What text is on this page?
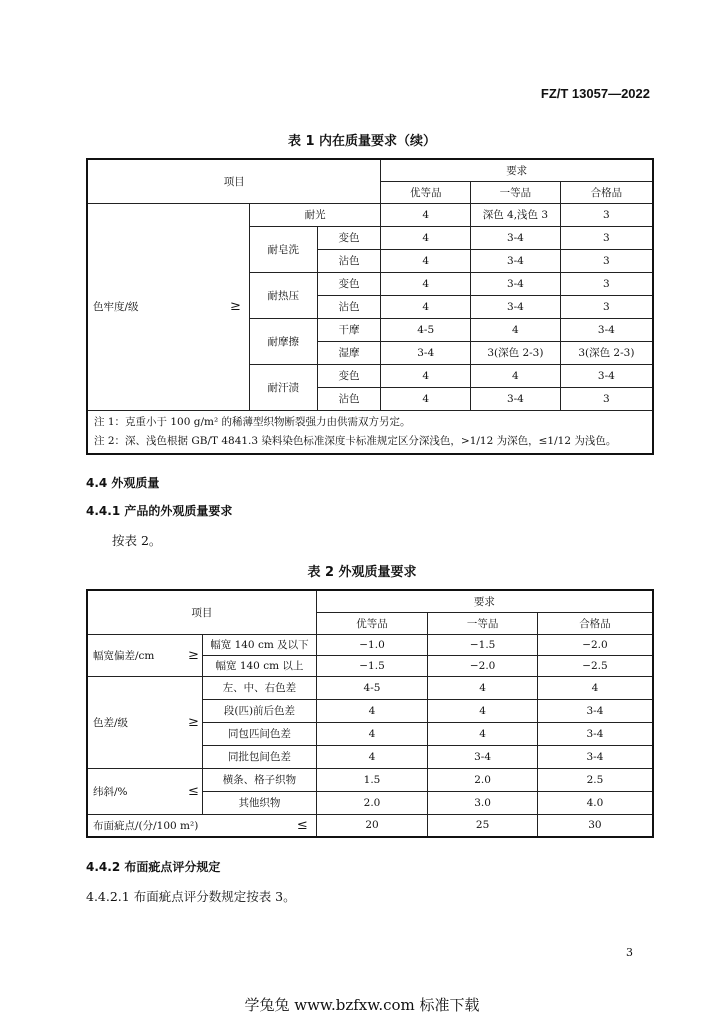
FZ/T 13057—2022
表 1 内在质量要求（续）
项目			要求		
			优等品	一等品	合格品
色牢度/级 ≥	耐光		4	深色 4,浅色 3	3
	耐皂洗	变色	4	3-4	3
		沾色	4	3-4	3
	耐热压	变色	4	3-4	3
		沾色	4	3-4	3
	耐摩擦	干摩	4-5	4	3-4
		湿摩	3-4	3(深色 2-3)	3(深色 2-3)
	耐汗渍	变色	4	4	3-4
		沾色	4	3-4	3

注 1：克重小于 100 g/m² 的稀薄型织物断裂强力由供需双方另定。
注 2：深、浅色根据 GB/T 4841.3 染料染色标准深度卡标准规定区分深浅色，>1/12 为深色，≤1/12 为浅色。					
4.4 外观质量
4.4.1 产品的外观质量要求
按表 2。
表 2 外观质量要求
项目			要求		
			优等品	一等品	合格品
幅宽偏差/cm	≥	幅宽 140 cm 及以下	−1.0	−1.5	−2.0
		幅宽 140 cm 以上	−1.5	−2.0	−2.5
色差/级	≥	左、中、右色差	4-5	4	4
		段(匹)前后色差	4	4	3-4
		同包匹间色差	4	4	3-4
		同批包间色差	4	3-4	3-4
纬斜/%	≤	横条、格子织物	1.5	2.0	2.5
		其他织物	2.0	3.0	4.0
布面疵点/(分/100 m²) ≤			20	25	30
4.4.2 布面疵点评分规定
4.4.2.1 布面疵点评分数规定按表 3。
3
学兔兔 www.bzfxw.com 标准下载
